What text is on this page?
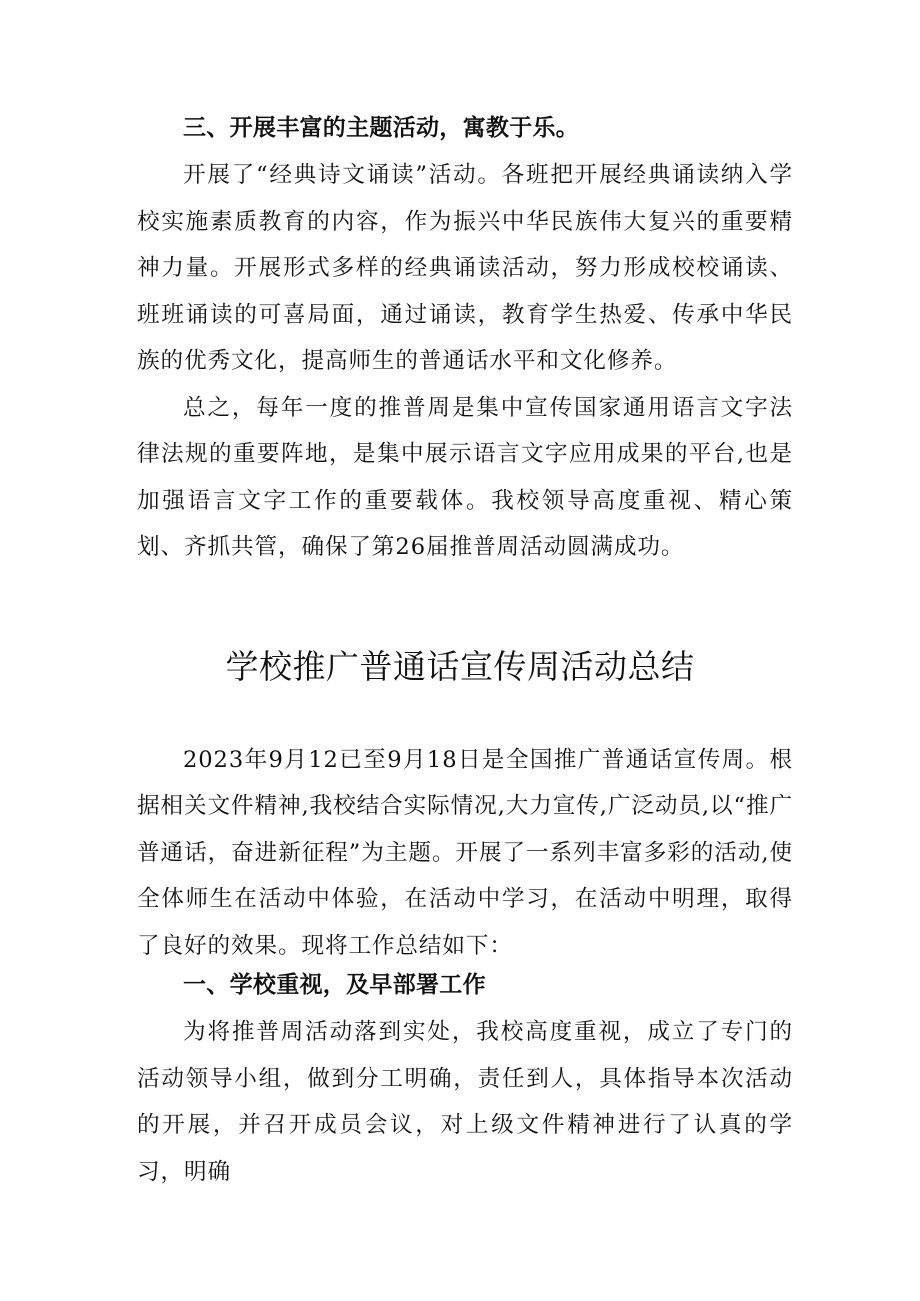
三、开展丰富的主题活动，寓教于乐。

开展了“经典诗文诵读”活动。各班把开展经典诵读纳入学校实施素质教育的内容，作为振兴中华民族伟大复兴的重要精神力量。开展形式多样的经典诵读活动，努力形成校校诵读、班班诵读的可喜局面，通过诵读，教育学生热爱、传承中华民族的优秀文化，提高师生的普通话水平和文化修养。

总之，每年一度的推普周是集中宣传国家通用语言文字法律法规的重要阵地，是集中展示语言文字应用成果的平台,也是加强语言文字工作的重要载体。我校领导高度重视、精心策划、齐抓共管，确保了第26届推普周活动圆满成功。

学校推广普通话宣传周活动总结

2023年9月12已至9月18日是全国推广普通话宣传周。根据相关文件精神,我校结合实际情况,大力宣传,广泛动员,以“推广普通话，奋进新征程”为主题。开展了一系列丰富多彩的活动,使全体师生在活动中体验，在活动中学习，在活动中明理，取得了良好的效果。现将工作总结如下：

一、学校重视，及早部署工作

为将推普周活动落到实处，我校高度重视，成立了专门的活动领导小组，做到分工明确，责任到人，具体指导本次活动的开展，并召开成员会议，对上级文件精神进行了认真的学习，明确
